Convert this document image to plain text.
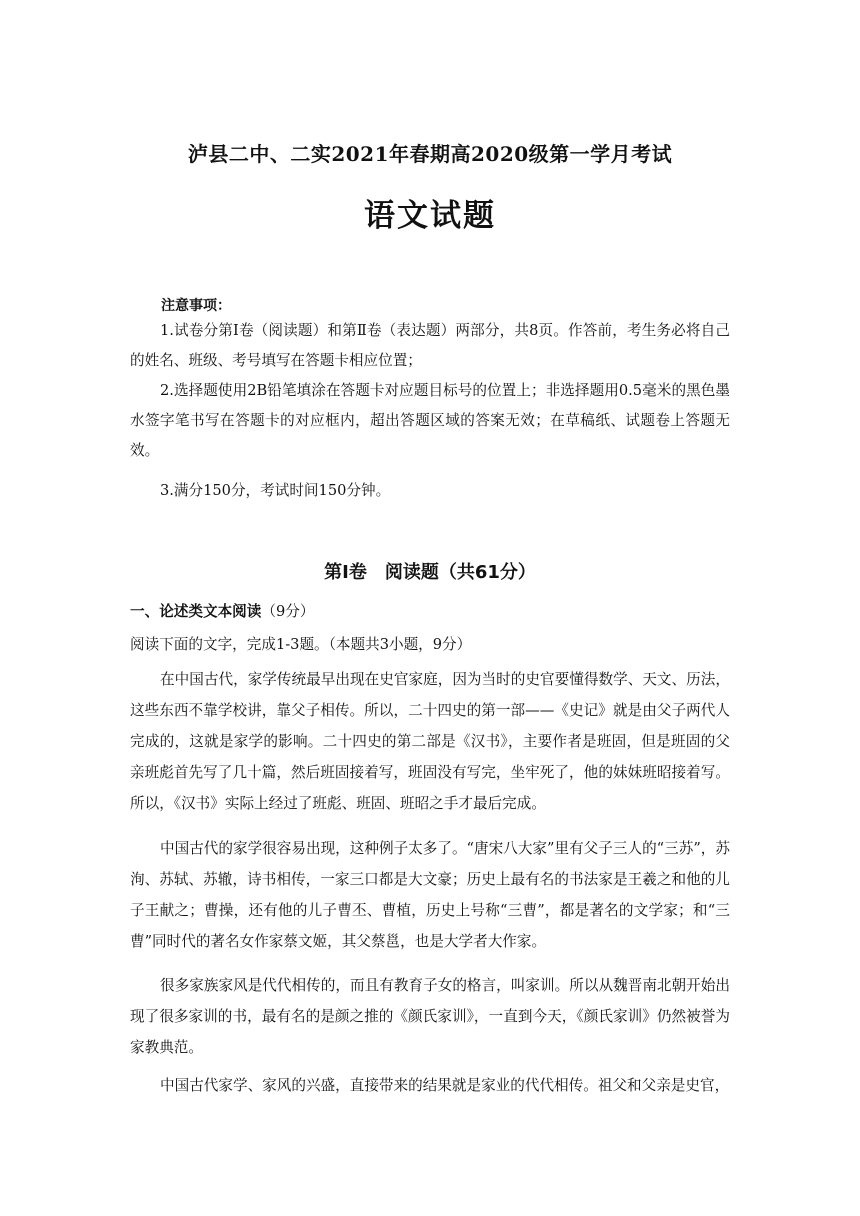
泸县二中、二实2021年春期高2020级第一学月考试
语文试题
注意事项：
1.试卷分第Ⅰ卷（阅读题）和第Ⅱ卷（表达题）两部分，共8页。作答前，考生务必将自己的姓名、班级、考号填写在答题卡相应位置；
2.选择题使用2B铅笔填涂在答题卡对应题目标号的位置上；非选择题用0.5毫米的黑色墨水签字笔书写在答题卡的对应框内，超出答题区域的答案无效；在草稿纸、试题卷上答题无效。
3.满分150分，考试时间150分钟。
第Ⅰ卷　阅读题（共61分）
一、论述类文本阅读（9分）
阅读下面的文字，完成1-3题。（本题共3小题，9分）
在中国古代，家学传统最早出现在史官家庭，因为当时的史官要懂得数学、天文、历法，这些东西不靠学校讲，靠父子相传。所以，二十四史的第一部——《史记》就是由父子两代人完成的，这就是家学的影响。二十四史的第二部是《汉书》，主要作者是班固，但是班固的父亲班彪首先写了几十篇，然后班固接着写，班固没有写完，坐牢死了，他的妹妹班昭接着写。所以，《汉书》实际上经过了班彪、班固、班昭之手才最后完成。
中国古代的家学很容易出现，这种例子太多了。“唐宋八大家”里有父子三人的“三苏”，苏洵、苏轼、苏辙，诗书相传，一家三口都是大文豪；历史上最有名的书法家是王羲之和他的儿子王献之；曹操，还有他的儿子曹丕、曹植，历史上号称“三曹”，都是著名的文学家；和“三曹”同时代的著名女作家蔡文姬，其父蔡邕，也是大学者大作家。
很多家族家风是代代相传的，而且有教育子女的格言，叫家训。所以从魏晋南北朝开始出现了很多家训的书，最有名的是颜之推的《颜氏家训》，一直到今天，《颜氏家训》仍然被誉为家教典范。
中国古代家学、家风的兴盛，直接带来的结果就是家业的代代相传。祖父和父亲是史官，
